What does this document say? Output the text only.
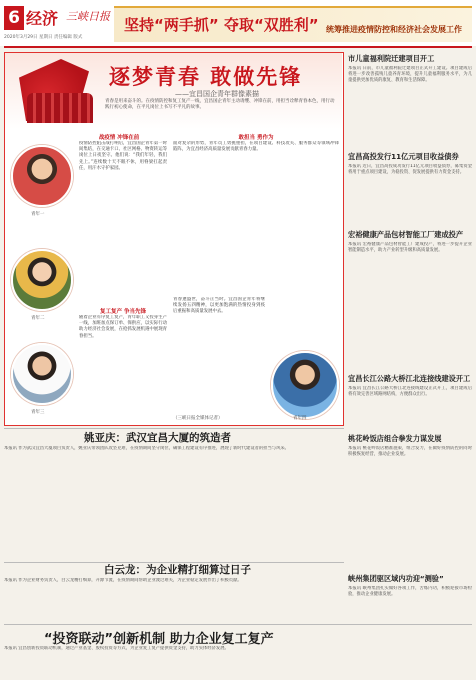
6 经济 三峡日报
2020年3月29日 星期日 责任编辑 版式
坚持“两手抓” 夺取“双胜利” 统筹推进疫情防控和经济社会发展工作
逐梦青春 敢做先锋
——宜昌国企青年群像素描
青春是用来奋斗的。在疫情防控和复工复产一线，宜昌国企青年主动请缨、冲锋在前，用担当诠释青春本色，用行动践行初心使命，在平凡岗位上书写不平凡的故事。
战疫情 冲锋在前
疫情防控阻击战打响后，宜昌国企青年第一时间集结，在交通卡口、社区网格、物资转运等岗位上日夜坚守。他们说：“我们年轻，我们先上。”连续数十天不眠不休，用脊梁扛起责任，用汗水守护家园。
青年一
青年二
青年三
复工复产 争当先锋
随着企业有序复工复产，青年职工又投身生产一线，加班加点保订单、保供应，以实际行动助力经济社会发展，在抢抓发展机遇中展现青春担当。
敢担当 勇作为
面对复杂的形势，青年员工勇挑重担，在项目建设、科技攻关、服务群众等领域冲锋陷阵，为宜昌经济高质量发展贡献青春力量。
青春逢盛世，奋斗正当时。宜昌国企青年将继续发扬五四精神，以更加饱满的热情投身到疫后重振和高质量发展中去。
青年四
（三峡日报全媒体记者）
市儿童福利院迁建项目开工
本报讯 日前，市儿童福利院迁建项目正式开工建设。项目建成后将进一步改善孤残儿童养育环境，提升儿童福利服务水平，为儿童提供更加优质的康复、教育和生活保障。
宜昌高投发行11亿元项目收益债券
本报讯 近日，宜昌高投成功发行11亿元项目收益债券，募集资金将用于重点项目建设，为稳投资、促发展提供有力资金支持。
宏裕健康产品包材智能工厂建成投产
本报讯 宏裕健康产品包材智能工厂建成投产，将进一步提升企业智能制造水平，助力产业转型升级和高质量发展。
宜昌长江公路大桥江北连接线建设开工
本报讯 宜昌长江公路大桥江北连接线建设正式开工，项目建成后将有效完善区域路网结构，方便群众出行。
姚亚庆：武汉宜昌大厦的筑造者
本报讯 作为武汉宜昌大厦项目负责人，姚亚庆带领团队攻坚克难，在疫情期间坚守岗位，确保工程建设有序推进，展现了新时代建设者的担当与风采。
白云龙：为企业精打细算过日子
本报讯 作为企业财务负责人，白云龙精打细算，开源节流，在疫情期间帮助企业渡过难关，为企业稳定发展作出了积极贡献。
“投资联动”创新机制 助力企业复工复产
本报讯 宜昌创新投资联动机制，通过产业基金、股权投资等方式，为企业复工复产提供资金支持，助力实体经济发展。
桃花岭饭店组合拳发力谋发展
本报讯 桃花岭饭店精准施策，组合发力，在做好疫情防控的同时积极恢复经营，推动企业发展。
峡州集团驱区域内功迎“测验”
本报讯 峡州集团扎实做好各项工作，苦练内功，积极迎接市场检验，推动企业健康发展。
